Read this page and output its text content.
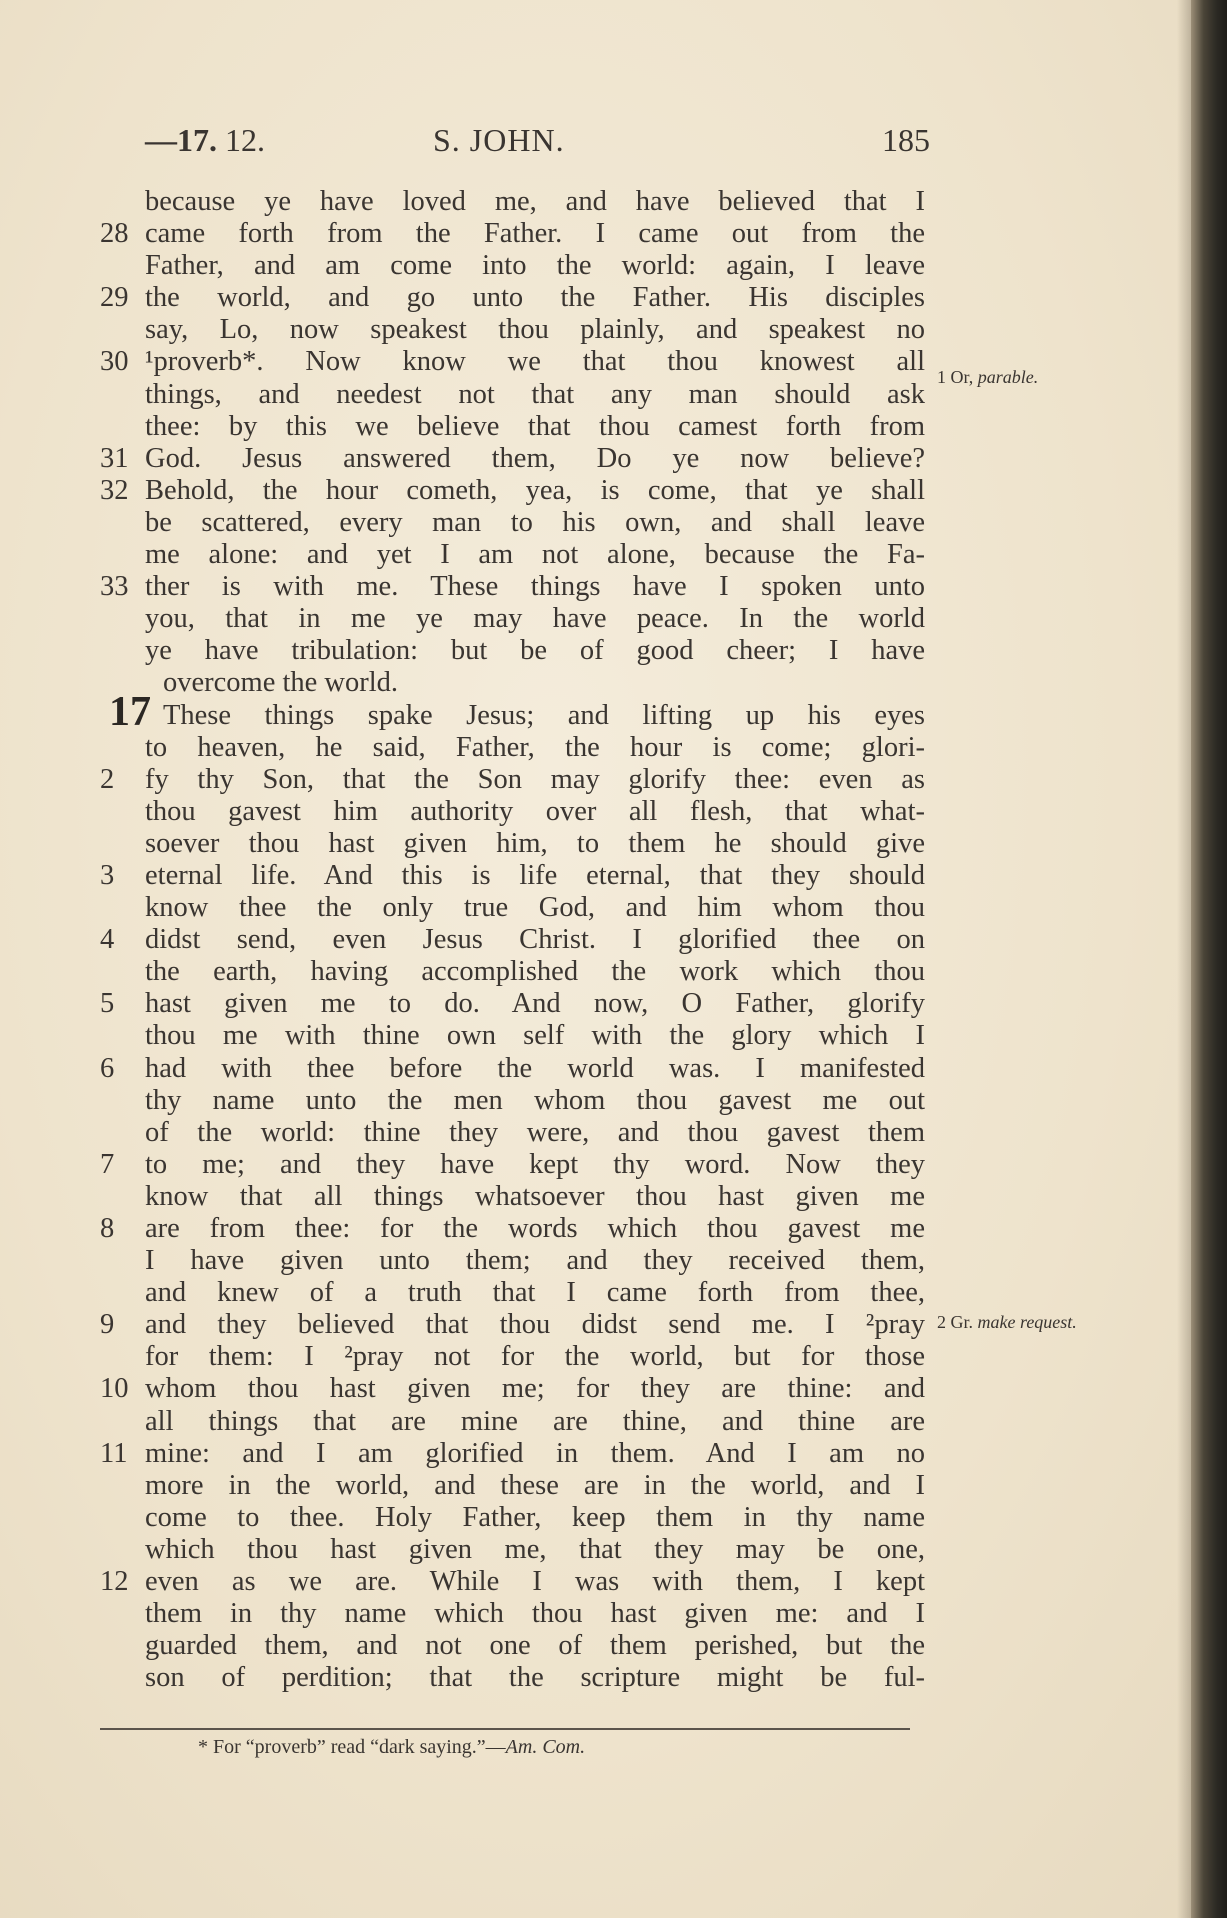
—17. 12.	S. JOHN.	185
because ye have loved me, and have believed that I
28 came forth from the Father. I came out from the
Father, and am come into the world: again, I leave
29 the world, and go unto the Father. His disciples
say, Lo, now speakest thou plainly, and speakest no
30 ¹proverb*. Now know we that thou knowest all
things, and needest not that any man should ask
thee: by this we believe that thou camest forth from
31 God. Jesus answered them, Do ye now believe?
32 Behold, the hour cometh, yea, is come, that ye shall
be scattered, every man to his own, and shall leave
me alone: and yet I am not alone, because the Fa-
33 ther is with me. These things have I spoken unto
you, that in me ye may have peace. In the world
ye have tribulation: but be of good cheer; I have
overcome the world.
17 These things spake Jesus; and lifting up his eyes
to heaven, he said, Father, the hour is come; glori-
2	fy thy Son, that the Son may glorify thee: even as
thou gavest him authority over all flesh, that what-
soever thou hast given him, to them he should give
3	eternal life. And this is life eternal, that they should
know thee the only true God, and him whom thou
4	didst send, even Jesus Christ. I glorified thee on
the earth, having accomplished the work which thou
5	hast given me to do. And now, O Father, glorify
thou me with thine own self with the glory which I
6	had with thee before the world was. I manifested
thy name unto the men whom thou gavest me out
of the world: thine they were, and thou gavest them
7	to me; and they have kept thy word. Now they
know that all things whatsoever thou hast given me
8	are from thee: for the words which thou gavest me
I have given unto them; and they received them,
and knew of a truth that I came forth from thee,
9	and they believed that thou didst send me. I ²pray
for them: I ²pray not for the world, but for those
10 whom thou hast given me; for they are thine: and
all things that are mine are thine, and thine are
11 mine: and I am glorified in them. And I am no
more in the world, and these are in the world, and I
come to thee. Holy Father, keep them in thy name
which thou hast given me, that they may be one,
12 even as we are. While I was with them, I kept
them in thy name which thou hast given me: and I
guarded them, and not one of them perished, but the
son of perdition; that the scripture might be ful-
1 Or, parable.
2 Gr. make request.
* For “proverb” read “dark saying.”—Am. Com.
